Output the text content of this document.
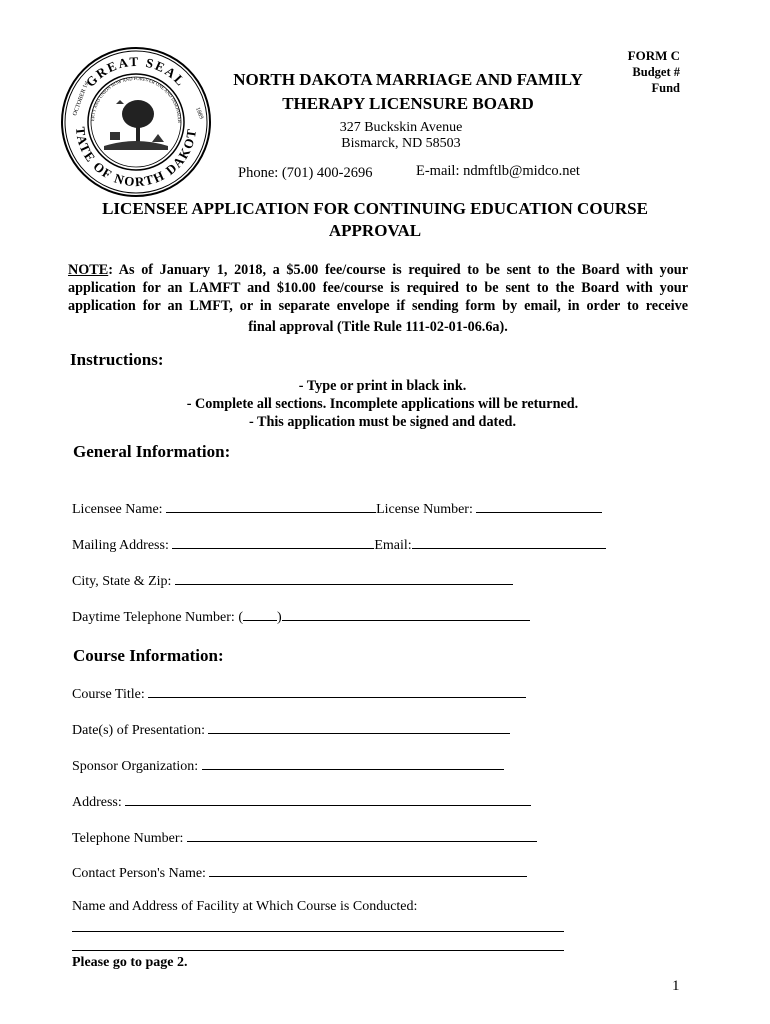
GREAT SEAL
TATE OF NORTH DAKOT
ERTY AND UNION NOW AND FOREVER ONE AND INSEPARAB
OCTOBER 1st	1889
NORTH DAKOTA MARRIAGE AND FAMILY
THERAPY LICENSURE BOARD
327 Buckskin Avenue
Bismarck, ND 58503
Phone: (701) 400-2696	E-mail: ndmftlb@midco.net
FORM C
Budget #
Fund
LICENSEE APPLICATION FOR CONTINUING EDUCATION COURSE
APPROVAL
NOTE: As of January 1, 2018, a $5.00 fee/course is required to be sent to the Board with your
application for an LAMFT and $10.00 fee/course is required to be sent to the Board with your
application for an LMFT, or in separate envelope if sending form by email, in order to receive
final approval (Title Rule 111-02-01-06.6a).
Instructions:
- Type or print in black ink.
- Complete all sections. Incomplete applications will be returned.
- This application must be signed and dated.
General Information:
Licensee Name:	License Number:
Mailing Address:	Email:
City, State & Zip:
Daytime Telephone Number: ( )
Course Information:
Course Title:
Date(s) of Presentation:
Sponsor Organization:
Address:
Telephone Number:
Contact Person's Name:
Name and Address of Facility at Which Course is Conducted:
Please go to page 2.
1
